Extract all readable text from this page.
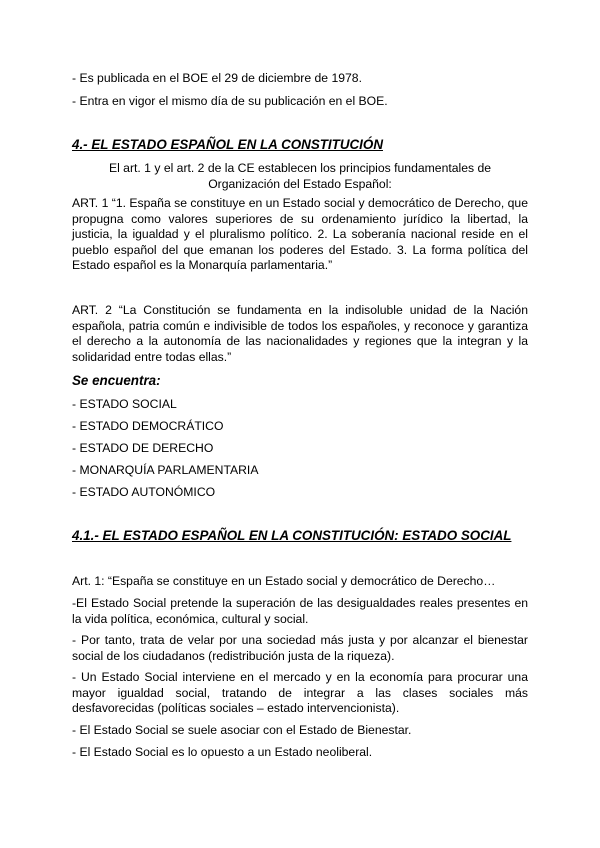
- Es publicada en el BOE el 29 de diciembre de 1978.

- Entra en vigor el mismo día de su publicación en el BOE.

4.- EL ESTADO ESPAÑOL EN LA CONSTITUCIÓN

El art. 1 y el art. 2 de la CE establecen los principios fundamentales de Organización del Estado Español:

ART. 1 “1. España se constituye en un Estado social y democrático de Derecho, que propugna como valores superiores de su ordenamiento jurídico la libertad, la justicia, la igualdad y el pluralismo político. 2. La soberanía nacional reside en el pueblo español del que emanan los poderes del Estado. 3. La forma política del Estado español es la Monarquía parlamentaria.”

ART. 2 “La Constitución se fundamenta en la indisoluble unidad de la Nación española, patria común e indivisible de todos los españoles, y reconoce y garantiza el derecho a la autonomía de las nacionalidades y regiones que la integran y la solidaridad entre todas ellas.”

Se encuentra:

- ESTADO SOCIAL

- ESTADO DEMOCRÁTICO

- ESTADO DE DERECHO

- MONARQUÍA PARLAMENTARIA

- ESTADO AUTONÓMICO

4.1.- EL ESTADO ESPAÑOL EN LA CONSTITUCIÓN: ESTADO SOCIAL

Art. 1: “España se constituye en un Estado social y democrático de Derecho…

-El Estado Social pretende la superación de las desigualdades reales presentes en la vida política, económica, cultural y social.

- Por tanto, trata de velar por una sociedad más justa y por alcanzar el bienestar social de los ciudadanos (redistribución justa de la riqueza).

- Un Estado Social interviene en el mercado y en la economía para procurar una mayor igualdad social, tratando de integrar a las clases sociales más desfavorecidas (políticas sociales – estado intervencionista).

- El Estado Social se suele asociar con el Estado de Bienestar.

- El Estado Social es lo opuesto a un Estado neoliberal.
